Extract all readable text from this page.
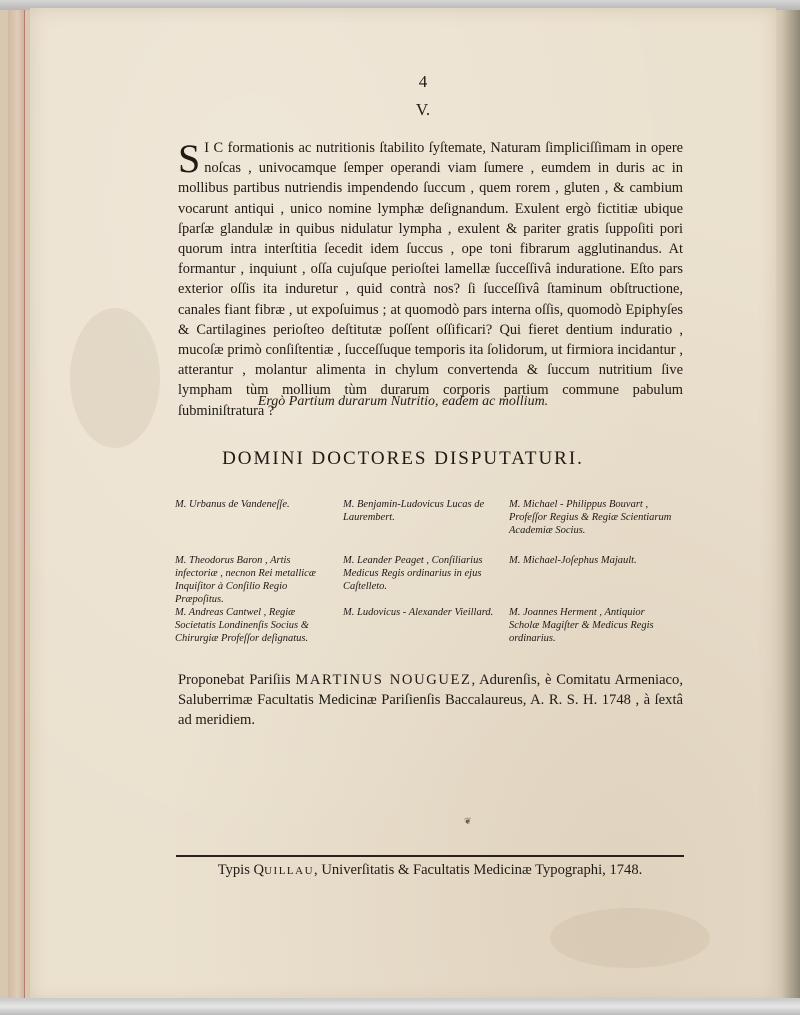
4
V.
S I C formationis ac nutritionis ſtabilito ſyſtemate, Naturam ſimpliciſſimam in opere noſcas , univocamque ſemper operandi viam ſumere , eumdem in duris ac in mollibus partibus nutriendis impendendo ſuccum , quem rorem , gluten , & cambium vocarunt antiqui , unico nomine lymphæ deſignandum. Exulent ergò fictitiæ ubique ſparſæ glandulæ in quibus nidulatur lympha , exulent & pariter gratis ſuppoſiti pori quorum intra interſtitia ſecedit idem ſuccus , ope toni fibrarum agglutinandus. At formantur , inquiunt , oſſa cujuſque perioſtei lamellæ ſucceſſivâ induratione. Eſto pars exterior oſſis ita induretur , quid contrà nos? ſi ſucceſſivâ ſtaminum obſtructione, canales fiant fibræ , ut expoſuimus ; at quomodò pars interna oſſis, quomodò Epiphyſes & Cartilagines perioſteo deſtitutæ poſſent oſſificari? Qui fieret dentium induratio , mucoſæ primò conſiſtentiæ , ſucceſſuque temporis ita ſolidorum, ut firmiora incidantur , atterantur , molantur alimenta in chylum convertenda & ſuccum nutritium ſive lympham tùm mollium tùm durarum corporis partium commune pabulum ſubminiſtratura ?
Ergò Partium durarum Nutritio, eadem ac mollium.
DOMINI DOCTORES DISPUTATURI.
M. Urbanus de Vandeneſſe.	M. Benjamin-Ludovicus Lucas de Laurembert.
M. Michael - Philippus Bouvart , Profeſſor Regius & Regiæ Scientiarum Academiæ Socius.
M. Theodorus Baron , Artis infectoriæ , necnon Rei metallicæ Inquiſitor à Conſilio Regio Præpoſitus.
M. Leander Peaget , Conſiliarius Medicus Regis ordinarius in ejus Caſtelleto.
M. Michael-Joſephus Majault.
M. Andreas Cantwel , Regiæ Societatis Londinenſis Socius & Chirurgiæ Profeſſor deſignatus.
M. Ludovicus - Alexander Vieillard.	M. Joannes Herment , Antiquior Scholæ Magiſter & Medicus Regis ordinarius.
Proponebat Pariſiis MARTINUS NOUGUEZ, Adurenſis, è Comitatu Armeniaco, Saluberrimæ Facultatis Medicinæ Pariſienſis Baccalaureus, A. R. S. H. 1748 , à ſextâ ad meridiem.
❦
Typis QUILLAU, Univerſitatis & Facultatis Medicinæ Typographi, 1748.
